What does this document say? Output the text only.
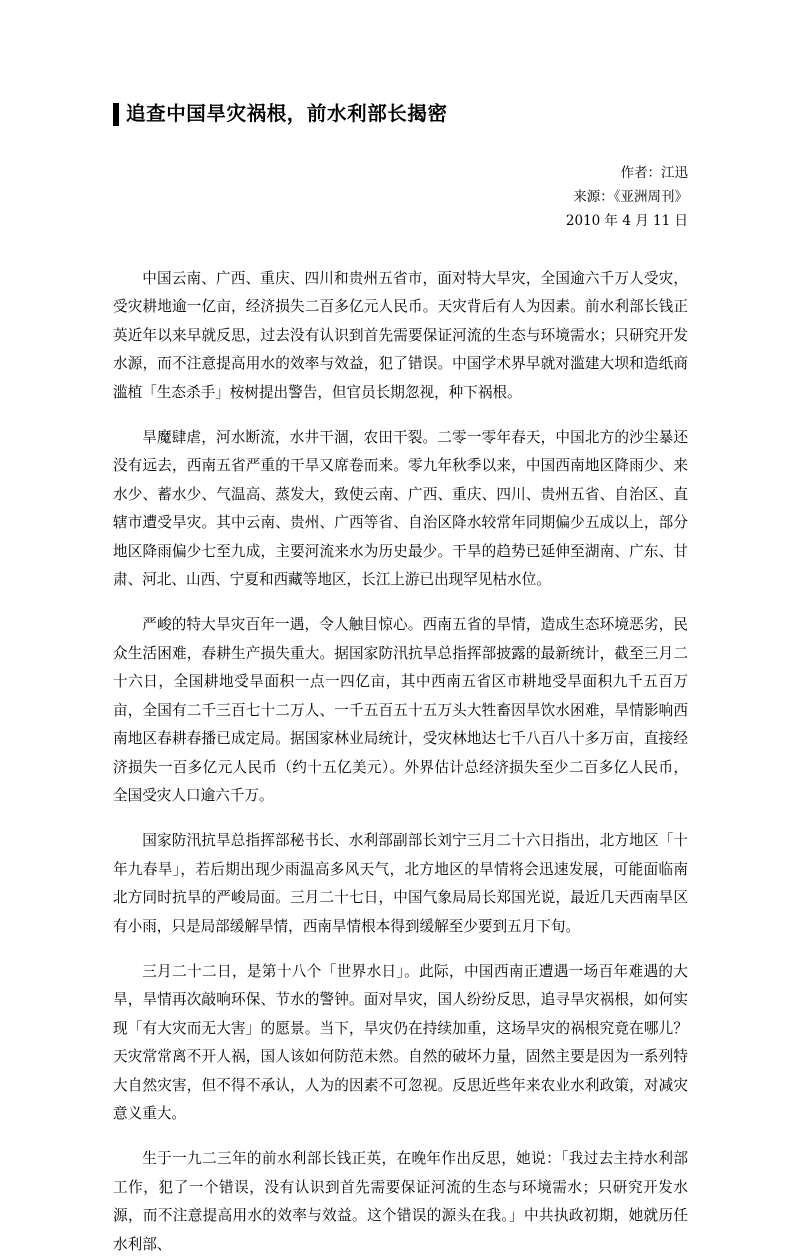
追查中国旱灾祸根，前水利部长揭密
作者：江迅
来源：《亚洲周刊》
2010 年 4 月 11 日

中国云南、广西、重庆、四川和贵州五省市，面对特大旱灾，全国逾六千万人受灾，受灾耕地逾一亿亩，经济损失二百多亿元人民币。天灾背后有人为因素。前水利部长钱正英近年以来早就反思，过去没有认识到首先需要保证河流的生态与环境需水；只研究开发水源，而不注意提高用水的效率与效益，犯了错误。中国学术界早就对滥建大坝和造纸商滥植「生态杀手」桉树提出警告，但官员长期忽视，种下祸根。

旱魔肆虐，河水断流，水井干涸，农田干裂。二零一零年春天，中国北方的沙尘暴还没有远去，西南五省严重的干旱又席卷而来。零九年秋季以来，中国西南地区降雨少、来水少、蓄水少、气温高、蒸发大，致使云南、广西、重庆、四川、贵州五省、自治区、直辖市遭受旱灾。其中云南、贵州、广西等省、自治区降水较常年同期偏少五成以上，部分地区降雨偏少七至九成，主要河流来水为历史最少。干旱的趋势已延伸至湖南、广东、甘肃、河北、山西、宁夏和西藏等地区，长江上游已出现罕见枯水位。

严峻的特大旱灾百年一遇，令人触目惊心。西南五省的旱情，造成生态环境恶劣，民众生活困难，春耕生产损失重大。据国家防汛抗旱总指挥部披露的最新统计，截至三月二十六日，全国耕地受旱面积一点一四亿亩，其中西南五省区市耕地受旱面积九千五百万亩，全国有二千三百七十二万人、一千五百五十五万头大牲畜因旱饮水困难，旱情影响西南地区春耕春播已成定局。据国家林业局统计，受灾林地达七千八百八十多万亩，直接经济损失一百多亿元人民币（约十五亿美元）。外界估计总经济损失至少二百多亿人民币，全国受灾人口逾六千万。

国家防汛抗旱总指挥部秘书长、水利部副部长刘宁三月二十六日指出，北方地区「十年九春旱」，若后期出现少雨温高多风天气，北方地区的旱情将会迅速发展，可能面临南北方同时抗旱的严峻局面。三月二十七日，中国气象局局长郑国光说，最近几天西南旱区有小雨，只是局部缓解旱情，西南旱情根本得到缓解至少要到五月下旬。

三月二十二日，是第十八个「世界水日」。此际，中国西南正遭遇一场百年难遇的大旱，旱情再次敲响环保、节水的警钟。面对旱灾，国人纷纷反思，追寻旱灾祸根，如何实现「有大灾而无大害」的愿景。当下，旱灾仍在持续加重，这场旱灾的祸根究竟在哪儿？天灾常常离不开人祸，国人该如何防范未然。自然的破坏力量，固然主要是因为一系列特大自然灾害，但不得不承认，人为的因素不可忽视。反思近些年来农业水利政策，对减灾意义重大。

生于一九二三年的前水利部长钱正英，在晚年作出反思，她说：「我过去主持水利部工作，犯了一个错误，没有认识到首先需要保证河流的生态与环境需水；只研究开发水源，而不注意提高用水的效率与效益。这个错误的源头在我。」中共执政初期，她就历任水利部、
